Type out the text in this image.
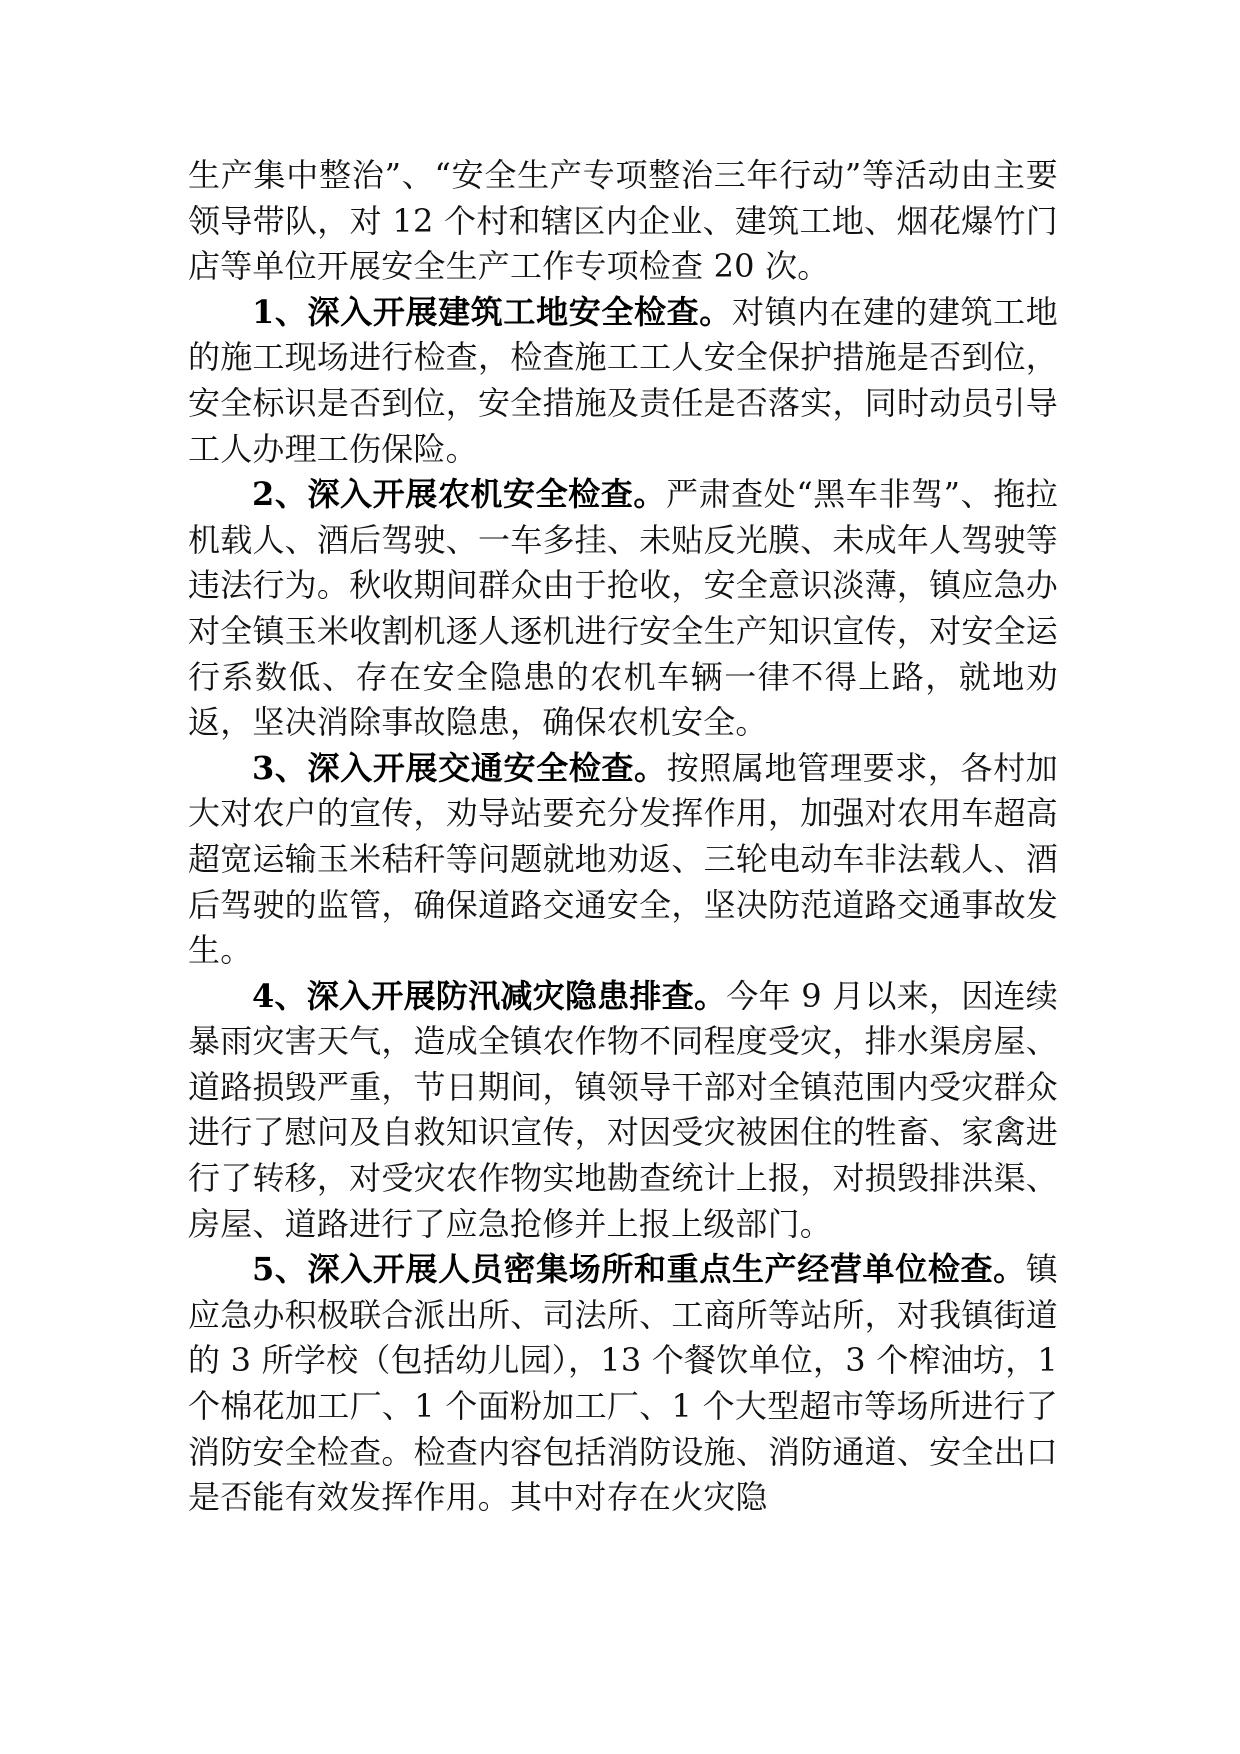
生产集中整治”、“安全生产专项整治三年行动”等活动由主要领导带队，对 12 个村和辖区内企业、建筑工地、烟花爆竹门店等单位开展安全生产工作专项检查 20 次。

1、深入开展建筑工地安全检查。对镇内在建的建筑工地的施工现场进行检查，检查施工工人安全保护措施是否到位，安全标识是否到位，安全措施及责任是否落实，同时动员引导工人办理工伤保险。

2、深入开展农机安全检查。严肃查处“黑车非驾”、拖拉机载人、酒后驾驶、一车多挂、未贴反光膜、未成年人驾驶等违法行为。秋收期间群众由于抢收，安全意识淡薄，镇应急办对全镇玉米收割机逐人逐机进行安全生产知识宣传，对安全运行系数低、存在安全隐患的农机车辆一律不得上路，就地劝返，坚决消除事故隐患，确保农机安全。

3、深入开展交通安全检查。按照属地管理要求，各村加大对农户的宣传，劝导站要充分发挥作用，加强对农用车超高超宽运输玉米秸秆等问题就地劝返、三轮电动车非法载人、酒后驾驶的监管，确保道路交通安全，坚决防范道路交通事故发生。

4、深入开展防汛减灾隐患排查。今年 9 月以来，因连续暴雨灾害天气，造成全镇农作物不同程度受灾，排水渠房屋、道路损毁严重，节日期间，镇领导干部对全镇范围内受灾群众进行了慰问及自救知识宣传，对因受灾被困住的牲畜、家禽进行了转移，对受灾农作物实地勘查统计上报，对损毁排洪渠、房屋、道路进行了应急抢修并上报上级部门。

5、深入开展人员密集场所和重点生产经营单位检查。镇应急办积极联合派出所、司法所、工商所等站所，对我镇街道的 3 所学校（包括幼儿园），13 个餐饮单位，3 个榨油坊，1 个棉花加工厂、1 个面粉加工厂、1 个大型超市等场所进行了消防安全检查。检查内容包括消防设施、消防通道、安全出口是否能有效发挥作用。其中对存在火灾隐
